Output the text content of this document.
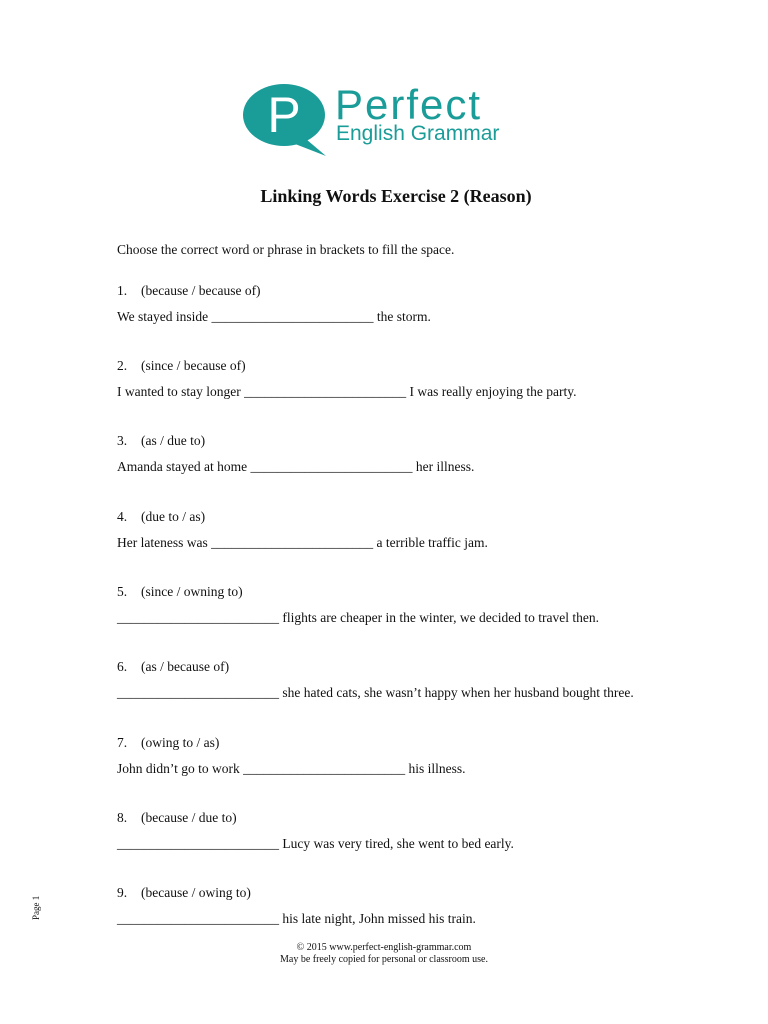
P Perfect
English Grammar
Linking Words Exercise 2 (Reason)
Choose the correct word or phrase in brackets to fill the space.
1. (because / because of)
We stayed inside ________________________ the storm.
2. (since / because of)
I wanted to stay longer ________________________ I was really enjoying the party.
3. (as / due to)
Amanda stayed at home ________________________ her illness.
4. (due to / as)
Her lateness was ________________________ a terrible traffic jam.
5. (since / owning to)
________________________ flights are cheaper in the winter, we decided to travel then.
6. (as / because of)
________________________ she hated cats, she wasn’t happy when her husband bought three.
7. (owing to / as)
John didn’t go to work ________________________ his illness.
8. (because / due to)
________________________ Lucy was very tired, she went to bed early.
9. (because / owing to)
________________________ his late night, John missed his train.
Page 1
© 2015 www.perfect-english-grammar.com
May be freely copied for personal or classroom use.
